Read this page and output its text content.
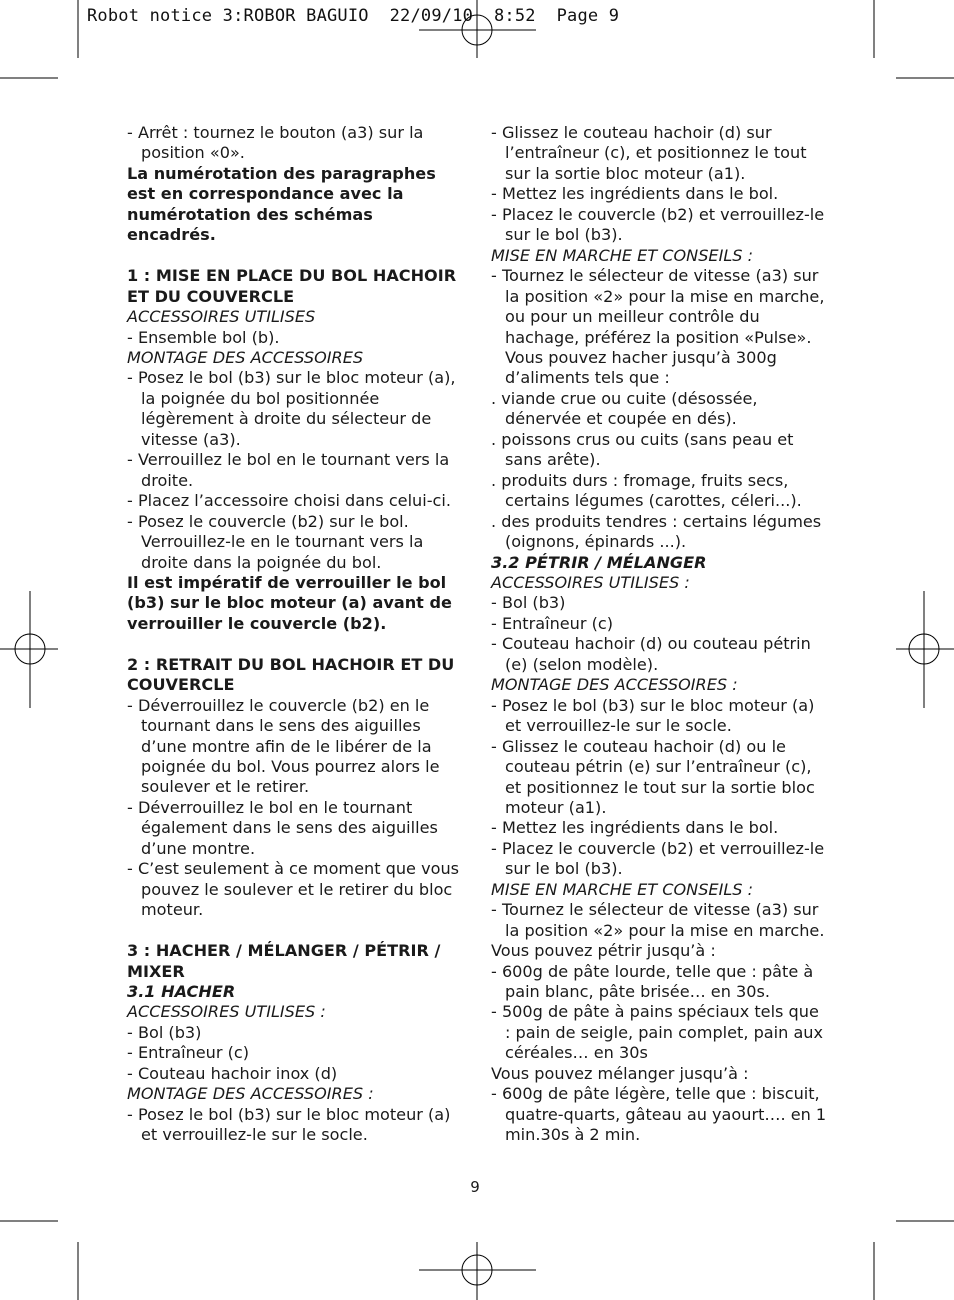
Robot notice 3:ROBOR BAGUIO  22/09/10  8:52  Page 9
- Arrêt : tournez le bouton (a3) sur la position «0».
La numérotation des paragraphes est en correspondance avec la numérotation des schémas encadrés.
1 : MISE EN PLACE DU BOL HACHOIR ET DU COUVERCLE
ACCESSOIRES UTILISES
- Ensemble bol (b).
MONTAGE DES ACCESSOIRES
- Posez le bol (b3) sur le bloc moteur (a), la poignée du bol positionnée légèrement à droite du sélecteur de vitesse (a3).
- Verrouillez le bol en le tournant vers la droite.
- Placez l’accessoire choisi dans celui-ci.
- Posez le couvercle (b2) sur le bol. Verrouillez-le en le tournant vers la droite dans la poignée du bol.
Il est impératif de verrouiller le bol (b3) sur le bloc moteur (a) avant de verrouiller le couvercle (b2).
2 : RETRAIT DU BOL HACHOIR ET DU COUVERCLE
- Déverrouillez le couvercle (b2) en le tournant dans le sens des aiguilles d’une montre afin de le libérer de la poignée du bol. Vous pourrez alors le soulever et le retirer.
- Déverrouillez le bol en le tournant également dans le sens des aiguilles d’une montre.
- C’est seulement à ce moment que vous pouvez le soulever et le retirer du bloc moteur.
3 : HACHER / MÉLANGER / PÉTRIR / MIXER
3.1 HACHER
ACCESSOIRES UTILISES :
- Bol (b3)
- Entraîneur (c)
- Couteau hachoir inox (d)
MONTAGE DES ACCESSOIRES :
- Posez le bol (b3) sur le bloc moteur (a) et verrouillez-le sur le socle.
- Glissez le couteau hachoir (d) sur l’entraîneur (c), et positionnez le tout sur la sortie bloc moteur (a1).
- Mettez les ingrédients dans le bol.
- Placez le couvercle (b2) et verrouillez-le sur le bol (b3).
MISE EN MARCHE ET CONSEILS :
- Tournez le sélecteur de vitesse (a3) sur la position «2» pour la mise en marche, ou pour un meilleur contrôle du hachage, préférez la position «Pulse». Vous pouvez hacher jusqu’à 300g d’aliments tels que :
. viande crue ou cuite (désossée, dénervée et coupée en dés).
. poissons crus ou cuits (sans peau et sans arête).
. produits durs : fromage, fruits secs, certains légumes (carottes, céleri...).
. des produits tendres : certains légumes (oignons, épinards ...).
3.2 PÉTRIR / MÉLANGER
ACCESSOIRES UTILISES :
- Bol (b3)
- Entraîneur (c)
- Couteau hachoir (d) ou couteau pétrin (e) (selon modèle).
MONTAGE DES ACCESSOIRES :
- Posez le bol (b3) sur le bloc moteur (a) et verrouillez-le sur le socle.
- Glissez le couteau hachoir (d) ou le couteau pétrin (e) sur l’entraîneur (c), et positionnez le tout sur la sortie bloc moteur (a1).
- Mettez les ingrédients dans le bol.
- Placez le couvercle (b2) et verrouillez-le sur le bol (b3).
MISE EN MARCHE ET CONSEILS :
- Tournez le sélecteur de vitesse (a3) sur la position «2» pour la mise en marche.
Vous pouvez pétrir jusqu’à :
- 600g de pâte lourde, telle que : pâte à pain blanc, pâte brisée… en 30s.
- 500g de pâte à pains spéciaux tels que : pain de seigle, pain complet, pain aux céréales… en 30s
Vous pouvez mélanger jusqu’à :
- 600g de pâte légère, telle que : biscuit, quatre-quarts, gâteau au yaourt…. en 1 min.30s à 2 min.
9
